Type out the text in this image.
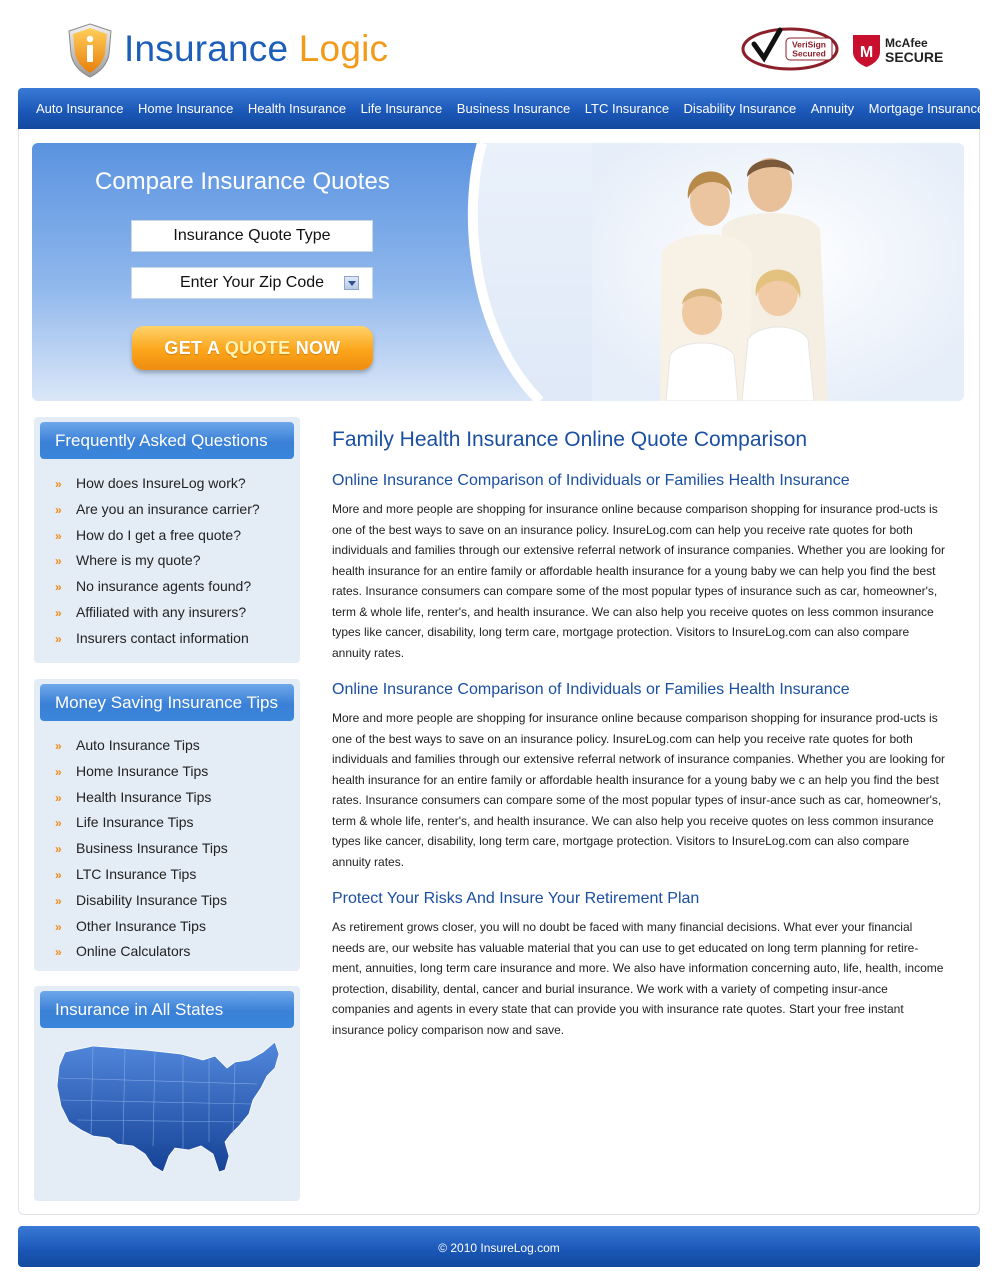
Insurance Logic	VeriSign
Secured M
McAfee
SECURE
Auto Insurance Home Insurance Health Insurance Life Insurance Business Insurance LTC Insurance Disability Insurance Annuity Mortgage Insurance
Compare Insurance Quotes
Insurance Quote Type
Enter Your Zip Code
GET A QUOTE NOW
Frequently Asked Questions
» How does InsureLog work?
» Are you an insurance carrier?
» How do I get a free quote?
» Where is my quote?
» No insurance agents found?
» Affiliated with any insurers?
» Insurers contact information
Money Saving Insurance Tips
» Auto Insurance Tips
» Home Insurance Tips
» Health Insurance Tips
» Life Insurance Tips
» Business Insurance Tips
» LTC Insurance Tips
» Disability Insurance Tips
» Other Insurance Tips
» Online Calculators
Insurance in All States
Family Health Insurance Online Quote Comparison
Online Insurance Comparison of Individuals or Families Health Insurance

More and more people are shopping for insurance online because comparison shopping for insurance prod-ucts is one of the best ways to save on an insurance policy. InsureLog.com can help you receive rate quotes for both individuals and families through our extensive referral network of insurance companies. Whether you are looking for health insurance for an entire family or affordable health insurance for a young baby we can help you find the best rates. Insurance consumers can compare some of the most popular types of insurance such as car, homeowner's, term & whole life, renter's, and health insurance. We can also help you receive quotes on less common insurance types like cancer, disability, long term care, mortgage protection. Visitors to InsureLog.com can also compare annuity rates.

Online Insurance Comparison of Individuals or Families Health Insurance

More and more people are shopping for insurance online because comparison shopping for insurance prod-ucts is one of the best ways to save on an insurance policy. InsureLog.com can help you receive rate quotes for both individuals and families through our extensive referral network of insurance companies. Whether you are looking for health insurance for an entire family or affordable health insurance for a young baby we c an help you find the best rates. Insurance consumers can compare some of the most popular types of insur-ance such as car, homeowner's, term & whole life, renter's, and health insurance. We can also help you receive quotes on less common insurance types like cancer, disability, long term care, mortgage protection. Visitors to InsureLog.com can also compare annuity rates.

Protect Your Risks And Insure Your Retirement Plan

As retirement grows closer, you will no doubt be faced with many financial decisions. What ever your financial needs are, our website has valuable material that you can use to get educated on long term planning for retire-ment, annuities, long term care insurance and more. We also have information concerning auto, life, health, income protection, disability, dental, cancer and burial insurance. We work with a variety of competing insur-ance companies and agents in every state that can provide you with insurance rate quotes. Start your free instant insurance policy comparison now and save.

© 2010 InsureLog.com
